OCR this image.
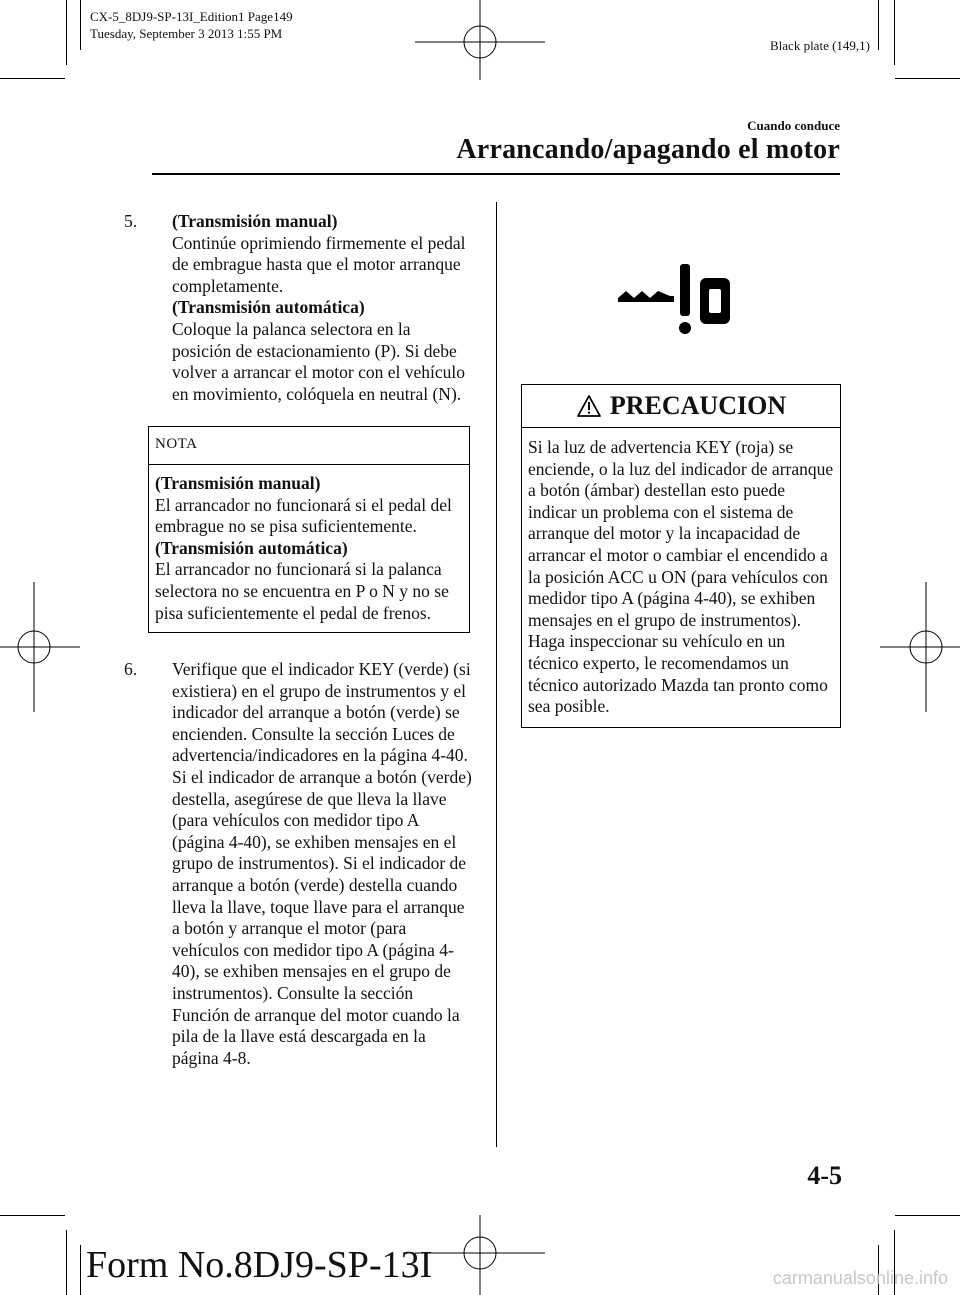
CX-5_8DJ9-SP-13I_Edition1 Page149
Tuesday, September 3 2013 1:55 PM
Black plate (149,1)
Cuando conduce
Arrancando/apagando el motor
5.	(Transmisión manual)

Continúe oprimiendo firmemente el pedal de embrague hasta que el motor arranque completamente.

(Transmisión automática)

Coloque la palanca selectora en la posición de estacionamiento (P). Si debe volver a arrancar el motor con el vehículo en movimiento, colóquela en neutral (N).

NOTA

(Transmisión manual)

El arrancador no funcionará si el pedal del embrague no se pisa suficientemente.

(Transmisión automática)

El arrancador no funcionará si la palanca selectora no se encuentra en P o N y no se pisa suficientemente el pedal de frenos.

6.	Verifique que el indicador KEY (verde) (si existiera) en el grupo de instrumentos y el indicador del arranque a botón (verde) se encienden. Consulte la sección Luces de advertencia/indicadores en la página 4-40. Si el indicador de arranque a botón (verde) destella, asegúrese de que lleva la llave (para vehículos con medidor tipo A (página 4-40), se exhiben mensajes en el grupo de instrumentos). Si el indicador de arranque a botón (verde) destella cuando lleva la llave, toque llave para el arranque a botón y arranque el motor (para vehículos con medidor tipo A (página 4-40), se exhiben mensajes en el grupo de instrumentos). Consulte la sección Función de arranque del motor cuando la pila de la llave está descargada en la página 4-8.

PRECAUCION
Si la luz de advertencia KEY (roja) se enciende, o la luz del indicador de arranque a botón (ámbar) destellan esto puede indicar un problema con el sistema de arranque del motor y la incapacidad de arrancar el motor o cambiar el encendido a la posición ACC u ON (para vehículos con medidor tipo A (página 4-40), se exhiben mensajes en el grupo de instrumentos). Haga inspeccionar su vehículo en un técnico experto, le recomendamos un técnico autorizado Mazda tan pronto como sea posible.
4-5
Form No.8DJ9-SP-13I	carmanualsonline.info
